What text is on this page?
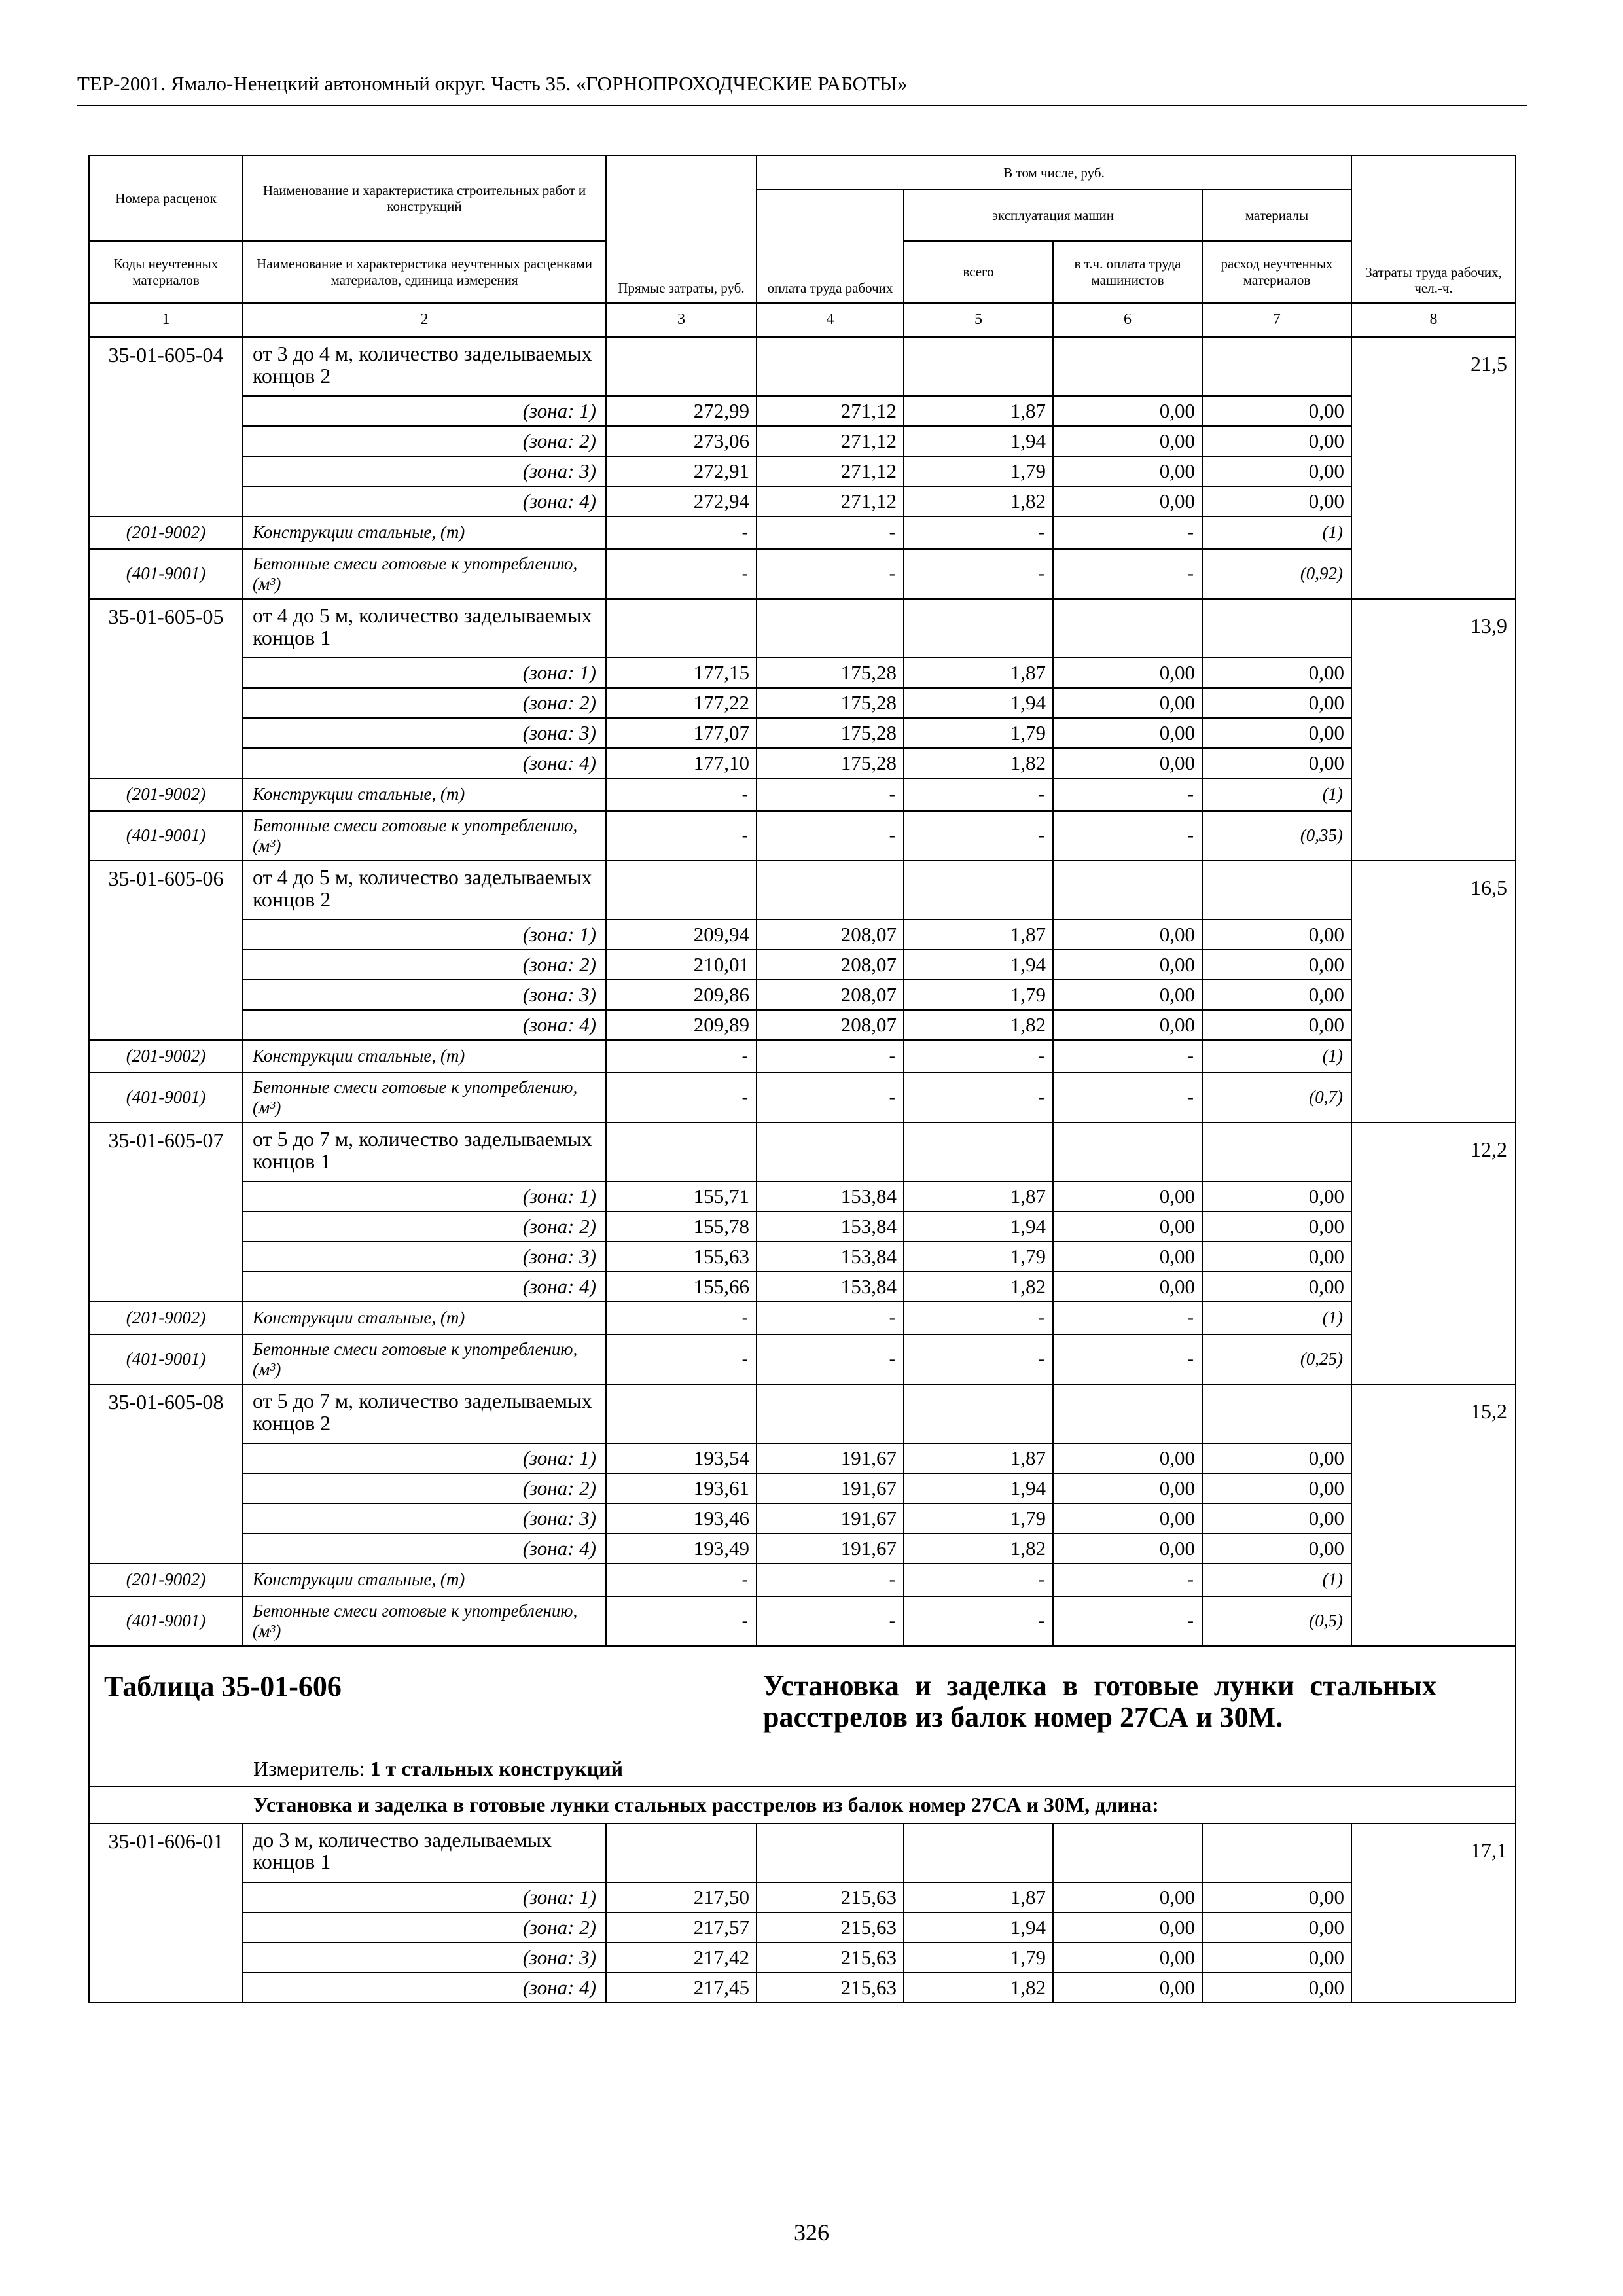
ТЕР-2001. Ямало-Ненецкий автономный округ. Часть 35. «ГОРНОПРОХОДЧЕСКИЕ РАБОТЫ»
Номера расценок	Наименование и характеристика строительных работ и конструкций	Прямые затраты, руб.	В том числе, руб.				Затраты труда рабочих, чел.-ч.
			оплата труда рабочих	эксплуатация машин		материалы	
Коды неучтенных материалов	Наименование и характеристика неучтенных расценками материалов, единица измерения			всего	в т.ч. оплата труда машинистов	расход неучтенных материалов	
1	2	3	4	5	6	7	8
35-01-605-04	от 3 до 4 м, количество заделываемых концов 2						21,5
	(зона: 1)	272,99	271,12	1,87	0,00	0,00	
	(зона: 2)	273,06	271,12	1,94	0,00	0,00	
	(зона: 3)	272,91	271,12	1,79	0,00	0,00	
	(зона: 4)	272,94	271,12	1,82	0,00	0,00	
(201-9002)	Конструкции стальные, (т)	-	-	-	-	(1)	
(401-9001)	Бетонные смеси готовые к употреблению, (м³)	-	-	-	-	(0,92)	
35-01-605-05	от 4 до 5 м, количество заделываемых концов 1						13,9
	(зона: 1)	177,15	175,28	1,87	0,00	0,00	
	(зона: 2)	177,22	175,28	1,94	0,00	0,00	
	(зона: 3)	177,07	175,28	1,79	0,00	0,00	
	(зона: 4)	177,10	175,28	1,82	0,00	0,00	
(201-9002)	Конструкции стальные, (т)	-	-	-	-	(1)	
(401-9001)	Бетонные смеси готовые к употреблению, (м³)	-	-	-	-	(0,35)	
35-01-605-06	от 4 до 5 м, количество заделываемых концов 2						16,5
	(зона: 1)	209,94	208,07	1,87	0,00	0,00	
	(зона: 2)	210,01	208,07	1,94	0,00	0,00	
	(зона: 3)	209,86	208,07	1,79	0,00	0,00	
	(зона: 4)	209,89	208,07	1,82	0,00	0,00	
(201-9002)	Конструкции стальные, (т)	-	-	-	-	(1)	
(401-9001)	Бетонные смеси готовые к употреблению, (м³)	-	-	-	-	(0,7)	
35-01-605-07	от 5 до 7 м, количество заделываемых концов 1						12,2
	(зона: 1)	155,71	153,84	1,87	0,00	0,00	
	(зона: 2)	155,78	153,84	1,94	0,00	0,00	
	(зона: 3)	155,63	153,84	1,79	0,00	0,00	
	(зона: 4)	155,66	153,84	1,82	0,00	0,00	
(201-9002)	Конструкции стальные, (т)	-	-	-	-	(1)	
(401-9001)	Бетонные смеси готовые к употреблению, (м³)	-	-	-	-	(0,25)	
35-01-605-08	от 5 до 7 м, количество заделываемых концов 2						15,2
	(зона: 1)	193,54	191,67	1,87	0,00	0,00	
	(зона: 2)	193,61	191,67	1,94	0,00	0,00	
	(зона: 3)	193,46	191,67	1,79	0,00	0,00	
	(зона: 4)	193,49	191,67	1,82	0,00	0,00	
(201-9002)	Конструкции стальные, (т)	-	-	-	-	(1)	
(401-9001)	Бетонные смеси готовые к употреблению, (м³)	-	-	-	-	(0,5)	
Таблица 35-01-606			Установка и заделка в готовые лунки стальных расстрелов из балок номер 27СА и 30М.				
Измеритель: 1 т стальных конструкций							
Установка и заделка в готовые лунки стальных расстрелов из балок номер 27СА и 30М, длина:							
35-01-606-01	до 3 м, количество заделываемых концов 1						17,1
	(зона: 1)	217,50	215,63	1,87	0,00	0,00	
	(зона: 2)	217,57	215,63	1,94	0,00	0,00	
	(зона: 3)	217,42	215,63	1,79	0,00	0,00	
	(зона: 4)	217,45	215,63	1,82	0,00	0,00	
326
